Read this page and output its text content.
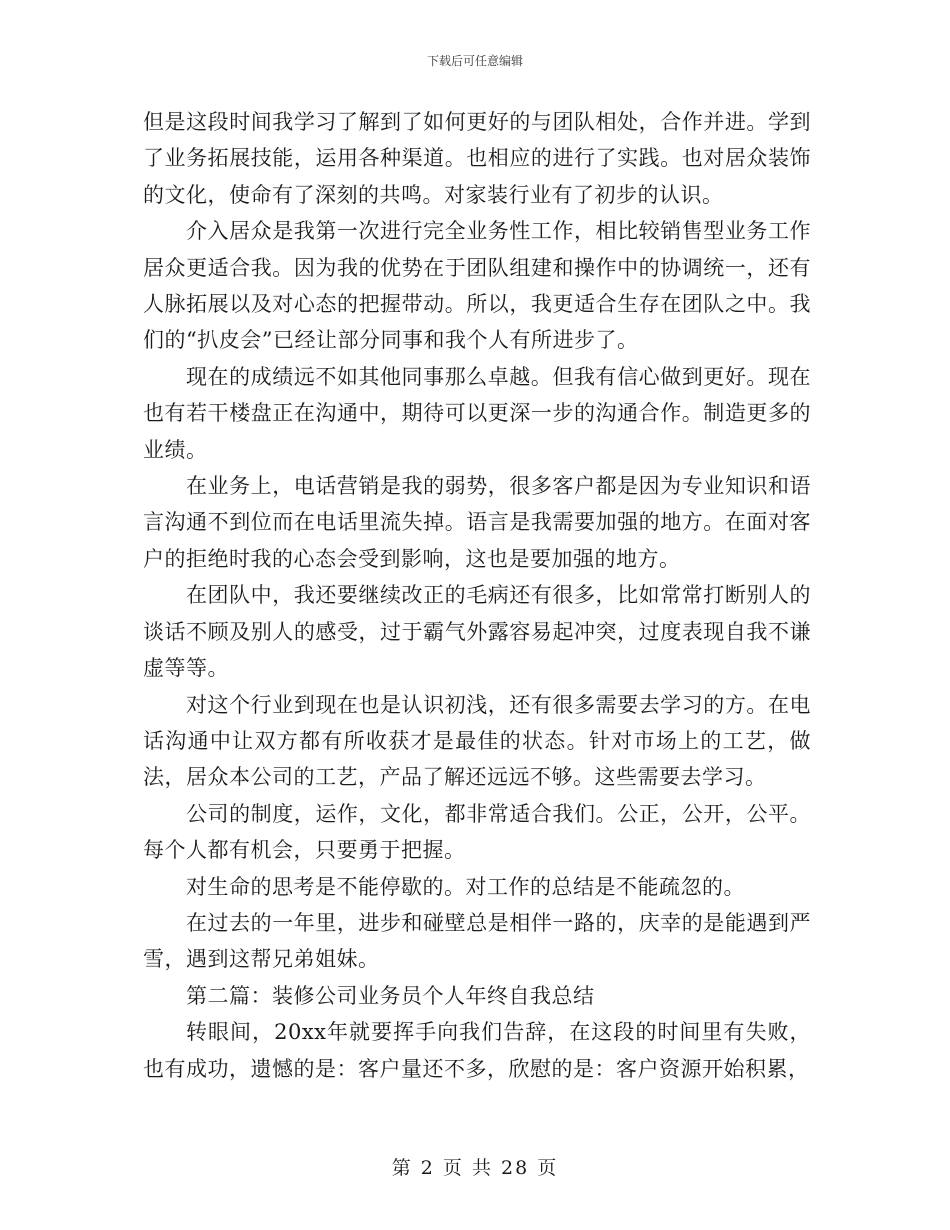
下载后可任意编辑

但是这段时间我学习了解到了如何更好的与团队相处，合作并进。学到了业务拓展技能，运用各种渠道。也相应的进行了实践。也对居众装饰的文化，使命有了深刻的共鸣。对家装行业有了初步的认识。

介入居众是我第一次进行完全业务性工作，相比较销售型业务工作居众更适合我。因为我的优势在于团队组建和操作中的协调统一，还有人脉拓展以及对心态的把握带动。所以，我更适合生存在团队之中。我们的“扒皮会”已经让部分同事和我个人有所进步了。

现在的成绩远不如其他同事那么卓越。但我有信心做到更好。现在也有若干楼盘正在沟通中，期待可以更深一步的沟通合作。制造更多的业绩。

在业务上，电话营销是我的弱势，很多客户都是因为专业知识和语言沟通不到位而在电话里流失掉。语言是我需要加强的地方。在面对客户的拒绝时我的心态会受到影响，这也是要加强的地方。

在团队中，我还要继续改正的毛病还有很多，比如常常打断别人的谈话不顾及别人的感受，过于霸气外露容易起冲突，过度表现自我不谦虚等等。

对这个行业到现在也是认识初浅，还有很多需要去学习的方。在电话沟通中让双方都有所收获才是最佳的状态。针对市场上的工艺，做法，居众本公司的工艺，产品了解还远远不够。这些需要去学习。

公司的制度，运作，文化，都非常适合我们。公正，公开，公平。每个人都有机会，只要勇于把握。

对生命的思考是不能停歇的。对工作的总结是不能疏忽的。

在过去的一年里，进步和碰壁总是相伴一路的，庆幸的是能遇到严雪，遇到这帮兄弟姐妹。

第二篇：装修公司业务员个人年终自我总结

转眼间，20xx年就要挥手向我们告辞，在这段的时间里有失败，也有成功，遗憾的是：客户量还不多，欣慰的是：客户资源开始积累，

第 2 页 共 28 页
